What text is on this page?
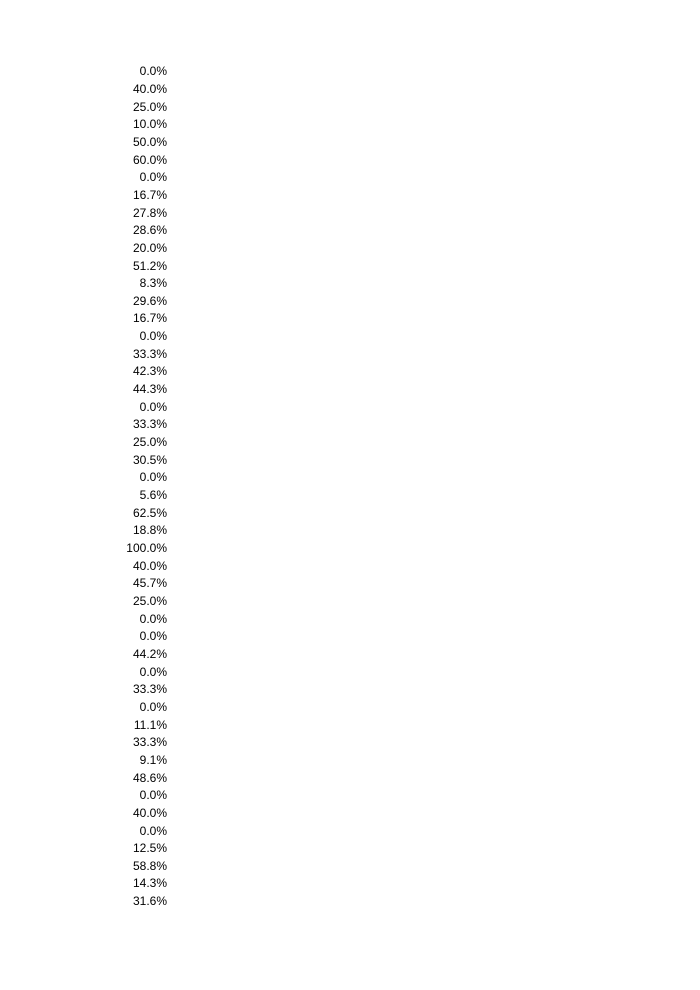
0.0%
40.0%
25.0%
10.0%
50.0%
60.0%
0.0%
16.7%
27.8%
28.6%
20.0%
51.2%
8.3%
29.6%
16.7%
0.0%
33.3%
42.3%
44.3%
0.0%
33.3%
25.0%
30.5%
0.0%
5.6%
62.5%
18.8%
100.0%
40.0%
45.7%
25.0%
0.0%
0.0%
44.2%
0.0%
33.3%
0.0%
11.1%
33.3%
9.1%
48.6%
0.0%
40.0%
0.0%
12.5%
58.8%
14.3%
31.6%
